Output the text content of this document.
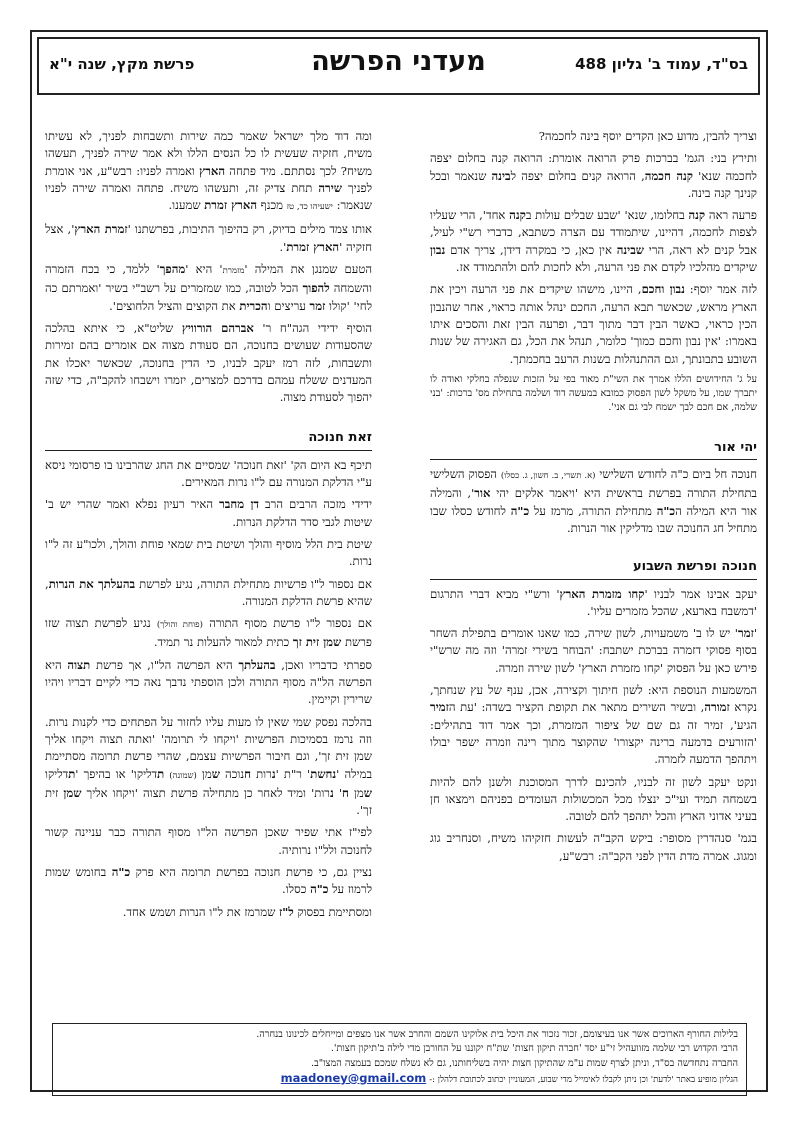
בס"ד, עמוד ב' גליון 488
מעדני הפרשה
פרשת מקץ, שנה י"א

וצריך להבין, מדוע כאן הקדים יוסף בינה לחכמה?

ותירץ בני: הגמ' בברכות פרק הרואה אומרת: הרואה קנה בחלום יצפה לחכמה שנא' קנה חכמה, הרואה קנים בחלום יצפה לבינה שנאמר ובכל קנינך קנה בינה.

פרעה ראה קנה בחלומו, שנא' 'שבע שבלים עולות בקנה אחד', הרי שעליו לצפות לחכמה, דהיינו, שיתמודד עם הצרה כשתבא, כדברי רש"י לעיל, אבל קנים לא ראה, הרי שבינה אין כאן, כי במקרה דידן, צריך אדם נבון שיקדים מהלכיו לקדם את פני הרעה, ולא לחכות להם ולהתמודד אז.

לזה אמר יוסף: נבון וחכם, היינו, מישהו שיקדים את פני הרעה ויכין את הארץ מראש, שכאשר תבא הרעה, החכם ינהל אותה כראוי, אחר שהנבון הכין כראוי, כאשר הבין דבר מתוך דבר, ופרעה הבין זאת והסכים איתו באמרו: 'אין נבון וחכם כמוך' כלומר, תנהל את הכל, גם האגירה של שנות השובע בתבונתך, וגם ההתנהלות בשנות הרעב בחכמתך.

על ג' החידושים הללו אמרך את השי"ת מאוד בפי על הזכות שנפלה בחלקי ואודה לו יתברך שמו, על משקל לשון הפסוק כמובא במעשה דוד ושלמה בתחילת מס' ברכות: 'בני שלמה, אם חכם לבך ישמח לבי גם אני'.

יהי אור

חנוכה חל ביום כ"ה לחודש השלישי (א. תשרי, ב. חשון, ג. כסלו) הפסוק השלישי בתחילת התורה בפרשת בראשית היא 'ויאמר אלקים יהי אור', והמילה אור היא המילה הכ"ה מתחילת התורה, מרמז על כ"ה לחודש כסלו שבו מתחיל חג החנוכה שבו מדליקין אור הנרות.

חנוכה ופרשת השבוע

יעקב אבינו אמר לבניו 'קחו מזמרת הארץ' ורש"י מביא דברי התרגום 'דמשבח בארעא, שהכל מזמרים עליו'.

'זמר' יש לו ב' משמעויות, לשון שירה, כמו שאנו אומרים בתפילת השחר בסוף פסוקי דזמרה בברכת ישתבח: 'הבוחר בשירי זמרה' וזה מה שרש"י פירש כאן על הפסוק 'קחו מזמרת הארץ' לשון שירה וזמרה.

המשמעות הנוספת היא: לשון חיתוך וקצירה, אכן, ענף של עץ שנחתך, נקרא זמורה, ובשיר השירים מתאר את תקופת הקציר בשדה: 'עת הזמיר הגיע', זמיר זה גם שם של ציפור המזמרת, וכך אמר דוד בתהילים: 'הזורעים בדמעה ברינה יקצורו' שהקוצר מתוך רינה וזמרה ישפר יבולו ויתהפך הדמעה לזמרה.

ונקט יעקב לשון זה לבניו, להכינם לדרך המסוכנת ולשנן להם להיות בשמחה תמיד ועי"כ ינצלו מכל המכשולות העומדים בפניהם וימצאו חן בעיני אדוני הארץ והכל יתהפך להם לטובה.

בגמ' סנהדרין מסופר: ביקש הקב"ה לעשות חזקיהו משיח, וסנחריב גוג ומגוג. אמרה מדת הדין לפני הקב"ה: רבש"ע,

ומה דוד מלך ישראל שאמר כמה שירות ותשבחות לפניך, לא עשיתו משיח, חזקיה שעשית לו כל הנסים הללו ולא אמר שירה לפניך, תעשהו משיח? לכך נסתתם. מיד פתחה הארץ ואמרה לפניו: רבש"ע, אני אומרת לפניך שירה תחת צדיק זה, ותעשהו משיח. פתחה ואמרה שירה לפניו שנאמר: ישעיהו כד, טז מכנף הארץ זמרת שמענו.

אותו צמד מילים בדיוק, רק בהיפוך התיבות, בפרשתנו 'זמרת הארץ', אצל חזקיה 'הארץ זמרת'.

הטעם שמנגן את המילה 'מזמרת' היא 'מהפך' ללמד, כי בכח הזמרה והשמחה להפוך הכל לטובה, כמו שמזמרים על רשב"י בשיר 'ואמרתם כה לחי' 'קולו זמר עריצים והכרית את הקוצים והציל הלחוצים'.

הוסיף ידידי הגה"ח ר' אברהם הורוויץ שליט"א, כי איתא בהלכה שהסעודות שעושים בחנוכה, הם סעודת מצוה אם אומרים בהם זמירות ותשבחות, לזה רמז יעקב לבניו, כי הדין בחנוכה, שכאשר יאכלו את המעדנים ששלח עמהם בדרכם למצרים, יזמרו וישבחו להקב"ה, כדי שזה יהפוך לסעודת מצוה.

זאת חנוכה

תיכף בא היום הק' 'זאת חנוכה' שמסיים את החג שהרבינו בו פרסומי ניסא ע"י הדלקת המנורה עם ל"ו נרות המאירים.

ידידי מזכה הרבים הרב דן מחבר האיר רעיון נפלא ואמר שהרי יש ב' שיטות לגבי סדר הדלקת הנרות.

שיטת בית הלל מוסיף והולך ושיטת בית שמאי פוחת והולך, ולכו"ע זה ל"ו נרות.

אם נספור ל"ו פרשיות מתחילת התורה, נגיע לפרשת בהעלתך את הנרות, שהיא פרשת הדלקת המנורה.

אם נספור ל"ו פרשת מסוף התורה (פוחת והולך) נגיע לפרשת תצוה שזו פרשת שמן זית זך כתית למאור להעלות נר תמיד.

ספרתי כדבריו ואכן, בהעלתך היא הפרשה הל"ו, אך פרשת תצוה היא הפרשה הל"ה מסוף התורה ולכן הוספתי נדבך נאה כדי לקיים דבריו ויהיו שרירין וקיימין.

בהלכה נפסק שמי שאין לו מעות עליו לחזור על הפתחים כדי לקנות נרות. וזה נרמז בסמיכות הפרשיות 'ויקחו לי תרומה' 'ואתה תצוה ויקחו אליך שמן זית זך', וגם חיבור הפרשיות עצמם, שהרי פרשת תרומה מסתיימת במילה 'נחשת' ר"ת 'נרות חנוכה שמן (שמונה) תדליקו' או בהיפך 'תדליקו שמן ח' נרות' ומיד לאחר כן מתחילה פרשת תצוה 'ויקחו אליך שמן זית זך'.

לפי"ז אתי שפיר שאכן הפרשה הל"ו מסוף התורה כבר עניינה קשור לחנוכה ולל"ו נרותיה.

נציין גם, כי פרשת חנוכה בפרשת תרומה היא פרק כ"ה בחומש שמות לרמוז על כ"ה כסלו.

ומסתיימת בפסוק ל"ז שמרמז את ל"ו הנרות ושמש אחד.

בלילות החורף הארוכים אשר אנו בעיצומם, זכור נזכור את היכל בית אלוקינו השמם והחרב אשר אנו מצפים ומייחלים לכינונו בנחרה.
הרבי הקדוש רבי שלמה מזוועהיל זי"ע יסד 'חברה תיקון חצות' שת"ח יקוננו על החורבן מדי לילה ב'תיקון חצות'.
החברה נתחדשה בס"ד, וניתן לצרף שמות ע"מ שהתיקון חצות יהיה בשליחותנו, גם לא נשלח שמכם בעמצה המצו"ב.
הגליון מופיע באתר 'לדעת' וכן ניתן לקבלו לאימייל מדי שבוע, המעוניין יכתוב לכתובת דלהלן :- maadoney@gmail.com
